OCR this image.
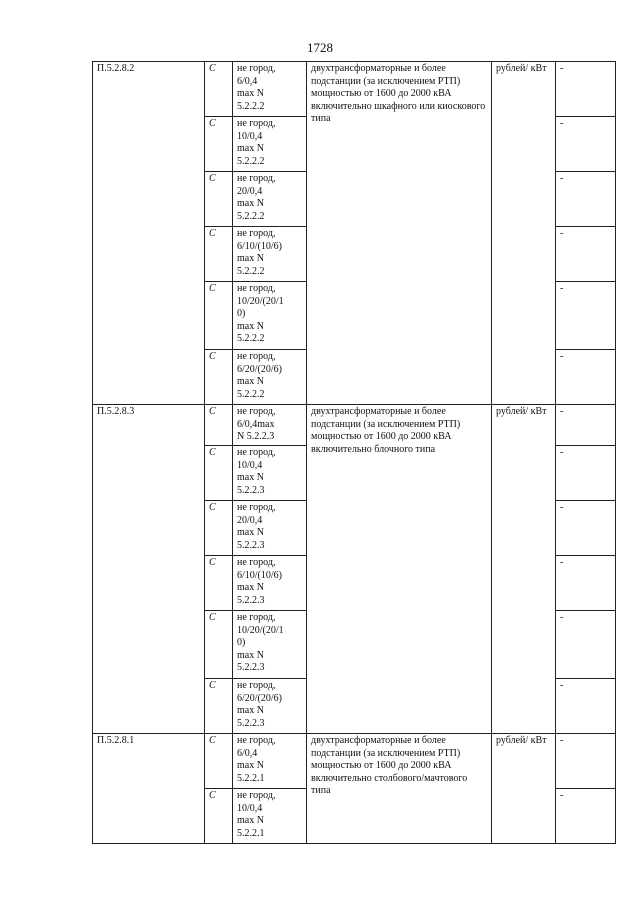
1728
П.5.2.8.2	С	не город,
6/0,4
max N
5.2.2.2	двухтрансформаторные и более подстанции (за исключением РТП) мощностью от 1600 до 2000 кВА включительно шкафного или киоскового типа	рублей/ кВт	-
	С	не город,
10/0,4
max N
5.2.2.2			-
	С	не город,
20/0,4
max N
5.2.2.2			-
	С	не город,
6/10/(10/6)
max N
5.2.2.2			-
	С	не город,
10/20/(20/1
0)
max N
5.2.2.2			-
	С	не город,
6/20/(20/6)
max N
5.2.2.2			-
П.5.2.8.3	С	не город,
6/0,4max
N 5.2.2.3	двухтрансформаторные и более подстанции (за исключением РТП) мощностью от 1600 до 2000 кВА включительно блочного типа	рублей/ кВт	-
	С	не город,
10/0,4
max N
5.2.2.3			-
	С	не город,
20/0,4
max N
5.2.2.3			-
	С	не город,
6/10/(10/6)
max N
5.2.2.3			-
	С	не город,
10/20/(20/1
0)
max N
5.2.2.3			-
	С	не город,
6/20/(20/6)
max N
5.2.2.3			-
П.5.2.8.1	С	не город,
6/0,4
max N
5.2.2.1	двухтрансформаторные и более подстанции (за исключением РТП) мощностью от 1600 до 2000 кВА включительно столбового/мачтового типа	рублей/ кВт	-
	С	не город,
10/0,4
max N
5.2.2.1			-
